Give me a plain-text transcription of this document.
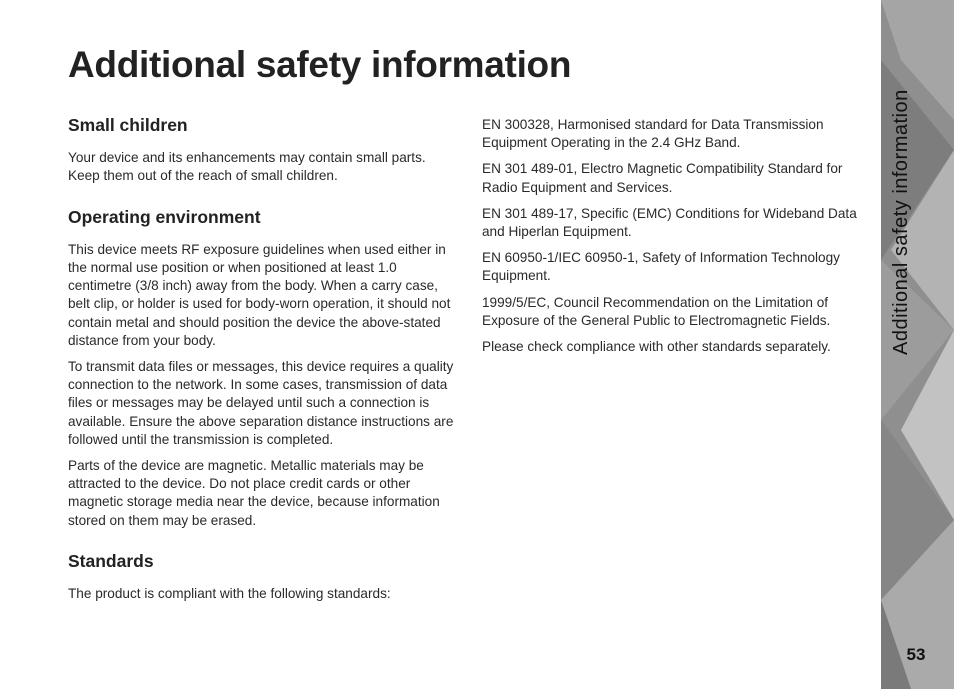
Additional safety information
Small children

Your device and its enhancements may contain small parts. Keep them out of the reach of small children.

Operating environment

This device meets RF exposure guidelines when used either in the normal use position or when positioned at least 1.0 centimetre (3/8 inch) away from the body. When a carry case, belt clip, or holder is used for body-worn operation, it should not contain metal and should position the device the above-stated distance from your body.

To transmit data files or messages, this device requires a quality connection to the network. In some cases, transmission of data files or messages may be delayed until such a connection is available. Ensure the above separation distance instructions are followed until the transmission is completed.

Parts of the device are magnetic. Metallic materials may be attracted to the device. Do not place credit cards or other magnetic storage media near the device, because information stored on them may be erased.

Standards

The product is compliant with the following standards:

EN 300328, Harmonised standard for Data Transmission Equipment Operating in the 2.4 GHz Band.

EN 301 489-01, Electro Magnetic Compatibility Standard for Radio Equipment and Services.

EN 301 489-17, Specific (EMC) Conditions for Wideband Data and Hiperlan Equipment.

EN 60950-1/IEC 60950-1, Safety of Information Technology Equipment.

1999/5/EC, Council Recommendation on the Limitation of Exposure of the General Public to Electromagnetic Fields.

Please check compliance with other standards separately.	Additional safety information
53
